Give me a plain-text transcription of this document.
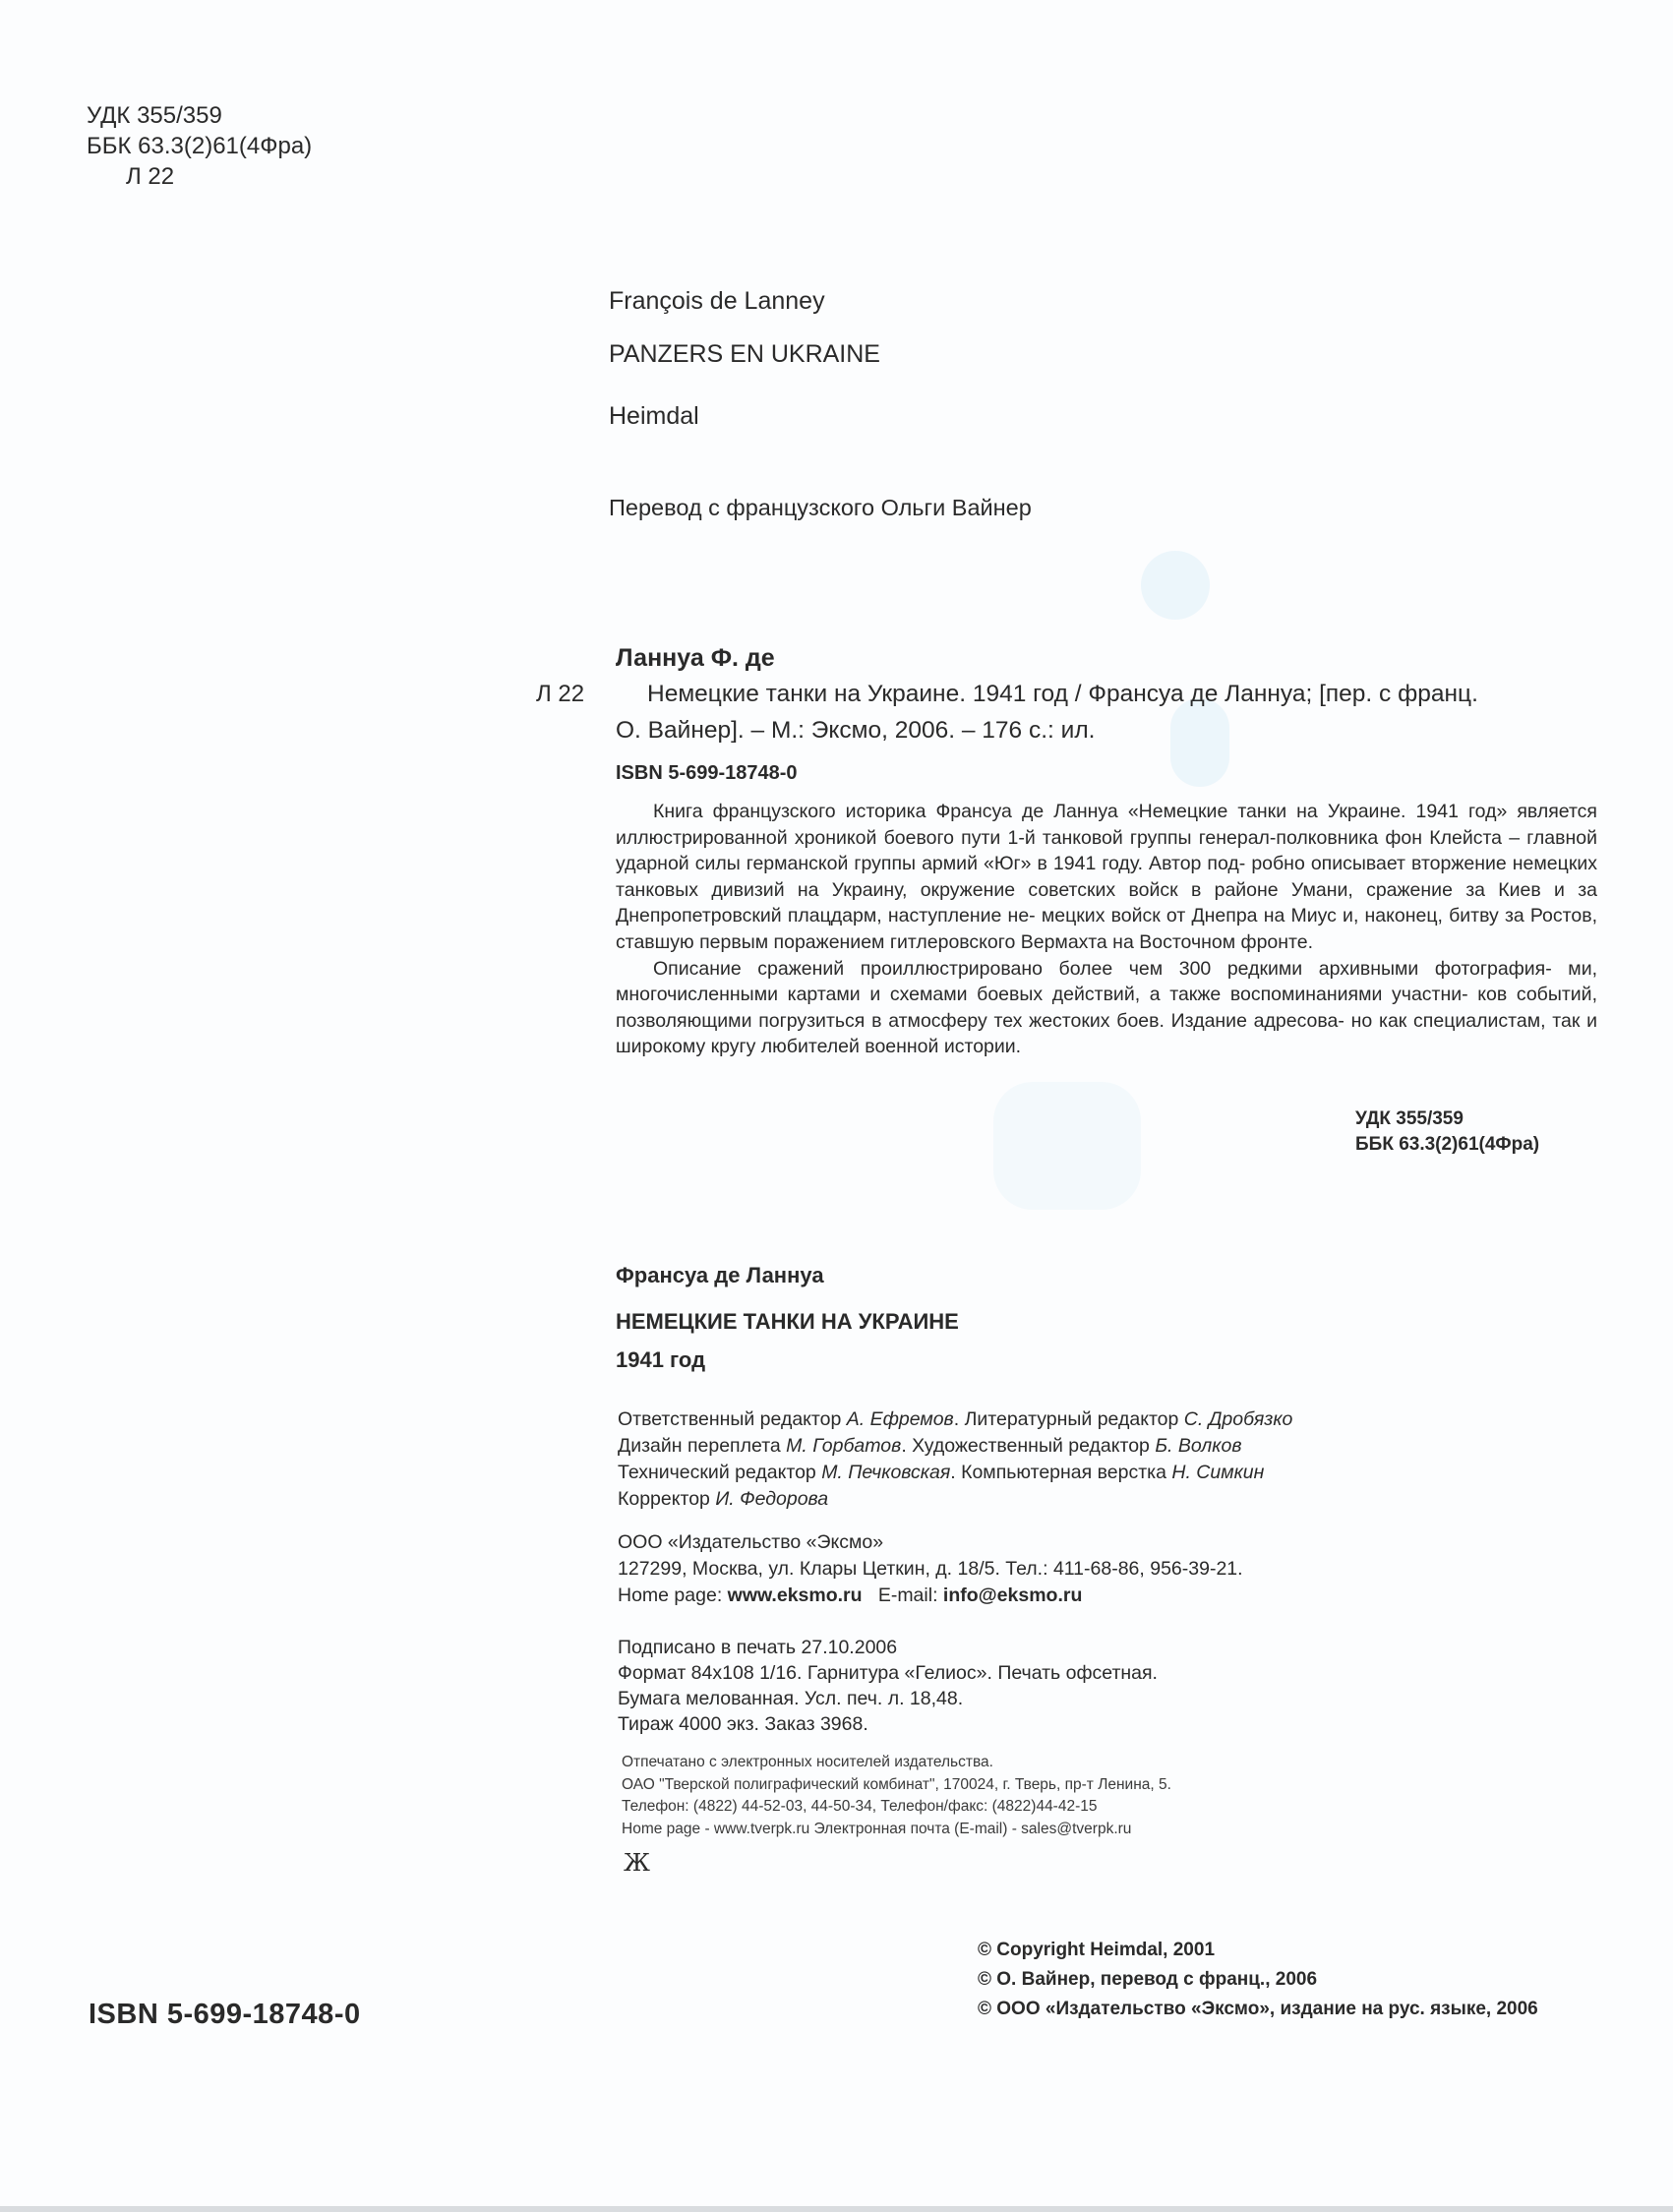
УДК 355/359
ББК 63.3(2)61(4Фра)
Л 22
François de Lanney
PANZERS EN UKRAINE
Heimdal
Перевод с французского Ольги Вайнер
Ланнуа Ф. де
Л 22	Немецкие танки на Украине. 1941 год / Франсуа де Ланнуа; [пер. с франц.
О. Вайнер]. – М.: Эксмо, 2006. – 176 с.: ил.
ISBN 5-699-18748-0

Книга французского историка Франсуа де Ланнуа «Немецкие танки на Украине. 1941 год» является иллюстрированной хроникой боевого пути 1-й танковой группы генерал-полковника фон Клейста – главной ударной силы германской группы армий «Юг» в 1941 году. Автор под- робно описывает вторжение немецких танковых дивизий на Украину, окружение советских войск в районе Умани, сражение за Киев и за Днепропетровский плацдарм, наступление не- мецких войск от Днепра на Миус и, наконец, битву за Ростов, ставшую первым поражением гитлеровского Вермахта на Восточном фронте.

Описание сражений проиллюстрировано более чем 300 редкими архивными фотография- ми, многочисленными картами и схемами боевых действий, а также воспоминаниями участни- ков событий, позволяющими погрузиться в атмосферу тех жестоких боев. Издание адресова- но как специалистам, так и широкому кругу любителей военной истории.

УДК 355/359
ББК 63.3(2)61(4Фра)
Франсуа де Ланнуа
НЕМЕЦКИЕ ТАНКИ НА УКРАИНЕ
1941 год
Ответственный редактор А. Ефремов. Литературный редактор С. Дробязко
Дизайн переплета М. Горбатов. Художественный редактор Б. Волков
Технический редактор М. Печковская. Компьютерная верстка Н. Симкин
Корректор И. Федорова
ООО «Издательство «Эксмо»
127299, Москва, ул. Клары Цеткин, д. 18/5. Тел.: 411-68-86, 956-39-21.
Home page: www.eksmo.ru   E-mail: info@eksmo.ru
Подписано в печать 27.10.2006
Формат 84x108 1/16. Гарнитура «Гелиос». Печать офсетная.
Бумага мелованная. Усл. печ. л. 18,48.
Тираж 4000 экз. Заказ 3968.
Отпечатано с электронных носителей издательства.
ОАО "Тверской полиграфический комбинат", 170024, г. Тверь, пр-т Ленина, 5.
Телефон: (4822) 44-52-03, 44-50-34, Телефон/факс: (4822)44-42-15
Home page - www.tverpk.ru Электронная почта (E-mail) - sales@tverpk.ru
Ж
© Copyright Heimdal, 2001
© О. Вайнер, перевод с франц., 2006
© ООО «Издательство «Эксмо», издание на рус. языке, 2006
ISBN 5-699-18748-0
